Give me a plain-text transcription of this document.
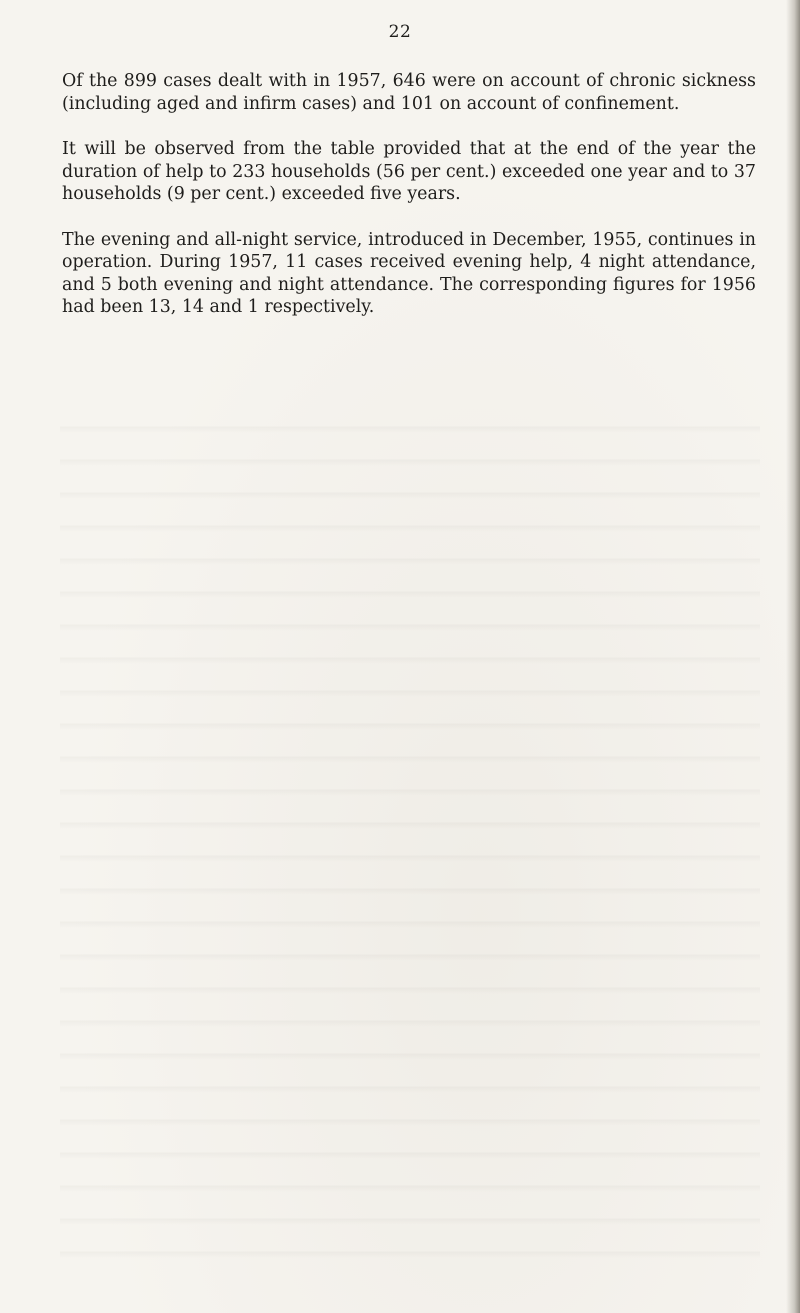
22

Of the 899 cases dealt with in 1957, 646 were on account of chronic sickness (including aged and infirm cases) and 101 on account of confinement.

It will be observed from the table provided that at the end of the year the duration of help to 233 households (56 per cent.) exceeded one year and to 37 households (9 per cent.) exceeded five years.

The evening and all-night service, introduced in December, 1955, continues in operation. During 1957, 11 cases received evening help, 4 night attendance, and 5 both evening and night attendance. The corresponding figures for 1956 had been 13, 14 and 1 respectively.
